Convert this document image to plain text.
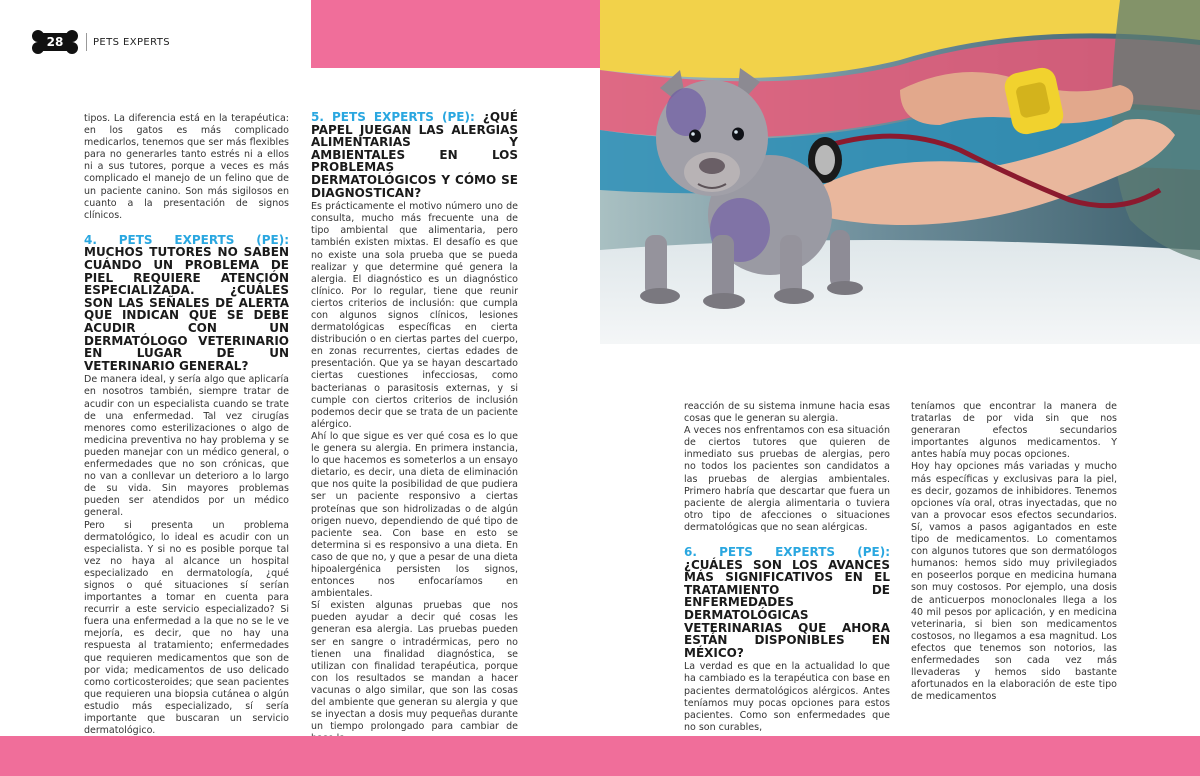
28	PETS EXPERTS

tipos. La diferencia está en la terapéutica: en los gatos es más complicado medicarlos, tenemos que ser más flexibles para no generarles tanto estrés ni a ellos ni a sus tutores, porque a veces es más complicado el manejo de un felino que de un paciente canino. Son más sigilosos en cuanto a la presentación de signos clínicos.

4. PETS EXPERTS (PE): MUCHOS TUTORES NO SABEN CUÁNDO UN PROBLEMA DE PIEL REQUIERE ATENCIÓN ESPECIALIZADA. ¿CUÁLES SON LAS SEÑALES DE ALERTA QUE INDICAN QUE SE DEBE ACUDIR CON UN DERMATÓLOGO VETERINARIO EN LUGAR DE UN VETERINARIO GENERAL?

De manera ideal, y sería algo que aplicaría en nosotros también, siempre tratar de acudir con un especialista cuando se trate de una enfermedad. Tal vez cirugías menores como esterilizaciones o algo de medicina preventiva no hay problema y se pueden manejar con un médico general, o enfermedades que no son crónicas, que no van a conllevar un deterioro a lo largo de su vida. Sin mayores problemas pueden ser atendidos por un médico general.

Pero si presenta un problema dermatológico, lo ideal es acudir con un especialista. Y si no es posible porque tal vez no haya al alcance un hospital especializado en dermatología, ¿qué signos o qué situaciones sí serían importantes a tomar en cuenta para recurrir a este servicio especializado? Si fuera una enfermedad a la que no se le ve mejoría, es decir, que no hay una respuesta al tratamiento; enfermedades que requieren medicamentos que son de por vida; medicamentos de uso delicado como corticosteroides; que sean pacientes que requieren una biopsia cutánea o algún estudio más especializado, sí sería importante que buscaran un servicio dermatológico.

5. PETS EXPERTS (PE): ¿QUÉ PAPEL JUEGAN LAS ALERGIAS ALIMENTARIAS Y AMBIENTALES EN LOS PROBLEMAS DERMATOLÓGICOS Y CÓMO SE DIAGNOSTICAN?

Es prácticamente el motivo número uno de consulta, mucho más frecuente una de tipo ambiental que alimentaria, pero también existen mixtas. El desafío es que no existe una sola prueba que se pueda realizar y que determine qué genera la alergia. El diagnóstico es un diagnóstico clínico. Por lo regular, tiene que reunir ciertos criterios de inclusión: que cumpla con algunos signos clínicos, lesiones dermatológicas específicas en cierta distribución o en ciertas partes del cuerpo, en zonas recurrentes, ciertas edades de presentación. Que ya se hayan descartado ciertas cuestiones infecciosas, como bacterianas o parasitosis externas, y si cumple con ciertos criterios de inclusión podemos decir que se trata de un paciente alérgico.

Ahí lo que sigue es ver qué cosa es lo que le genera su alergia. En primera instancia, lo que hacemos es someterlos a un ensayo dietario, es decir, una dieta de eliminación que nos quite la posibilidad de que pudiera ser un paciente responsivo a ciertas proteínas que son hidrolizadas o de algún origen nuevo, dependiendo de qué tipo de paciente sea. Con base en esto se determina si es responsivo a una dieta. En caso de que no, y que a pesar de una dieta hipoalergénica persisten los signos, entonces nos enfocaríamos en ambientales.

Sí existen algunas pruebas que nos pueden ayudar a decir qué cosas les generan esa alergia. Las pruebas pueden ser en sangre o intradérmicas, pero no tienen una finalidad diagnóstica, se utilizan con finalidad terapéutica, porque con los resultados se mandan a hacer vacunas o algo similar, que son las cosas del ambiente que generan su alergia y que se inyectan a dosis muy pequeñas durante un tiempo prolongado para cambiar de

reacción de su sistema inmune hacia esas cosas que le generan su alergia.

A veces nos enfrentamos con esa situación de ciertos tutores que quieren de inmediato sus pruebas de alergias, pero no todos los pacientes son candidatos a las pruebas de alergias ambientales. Primero habría que descartar que fuera un paciente de alergia alimentaria o tuviera otro tipo de afecciones o situaciones dermatológicas que no sean alérgicas.

6. PETS EXPERTS (PE): ¿CUÁLES SON LOS AVANCES MÁS SIGNIFICATIVOS EN EL TRATAMIENTO DE ENFERMEDADES DERMATOLÓGICAS VETERINARIAS QUE AHORA ESTÁN DISPONIBLES EN MÉXICO?

La verdad es que en la actualidad lo que ha cambiado es la terapéutica con base en pacientes dermatológicos alérgicos. Antes teníamos muy pocas opciones para estos pacientes. Como son enfermedades que no son curables,

teníamos que encontrar la manera de tratarlas de por vida sin que nos generaran efectos secundarios importantes algunos medicamentos. Y antes había muy pocas opciones.

Hoy hay opciones más variadas y mucho más específicas y exclusivas para la piel, es decir, gozamos de inhibidores. Tenemos opciones vía oral, otras inyectadas, que no van a provocar esos efectos secundarios. Sí, vamos a pasos agigantados en este tipo de medicamentos. Lo comentamos con algunos tutores que son dermatólogos humanos: hemos sido muy privilegiados en poseerlos porque en medicina humana son muy costosos. Por ejemplo, una dosis de anticuerpos monoclonales llega a los 40 mil pesos por aplicación, y en medicina veterinaria, si bien son medicamentos costosos, no llegamos a esa magnitud. Los efectos que tenemos son notorios, las enfermedades son cada vez más llevaderas y hemos sido bastante afortunados en la elaboración de este tipo de medicamentos
